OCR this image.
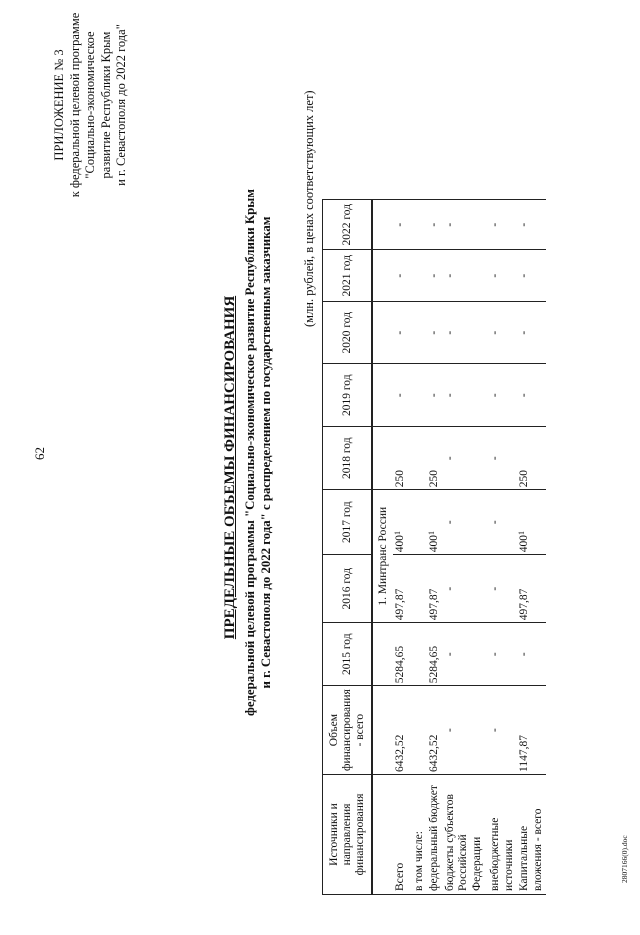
62
ПРИЛОЖЕНИЕ № 3 к федеральной целевой программе "Социально-экономическое развитие Республики Крым и г. Севастополя до 2022 года"
ПРЕДЕЛЬНЫЕ ОБЪЕМЫ ФИНАНСИРОВАНИЯ федеральной целевой программы "Социально-экономическое развитие Республики Крым и г. Севастополя до 2022 года" с распределением по государственным заказчикам
(млн. рублей, в ценах соответствующих лет)
Источники и направления финансирования	Объем финансирования - всего	2015 год	2016 год	2017 год	2018 год	2019 год	2020 год	2021 год	2022 год
			1. Минтранс России						
Всего	6432,52	5284,65	497,87	$400^1$	250	-	-	-	-

в том числе:									
федеральный бюджет	6432,52	5284,65	497,87	$400^1$	250	-	-	-	-
бюджеты субъектов Российской Федерации	-	-	-	-	-	-	-	-	-

внебюджетные источники	-	-	-	-	-	-	-	-	-
Капитальные вложения - всего	1147,87	-	497,87	$400^1$	250	-	-	-	-
2807166(0).doc
